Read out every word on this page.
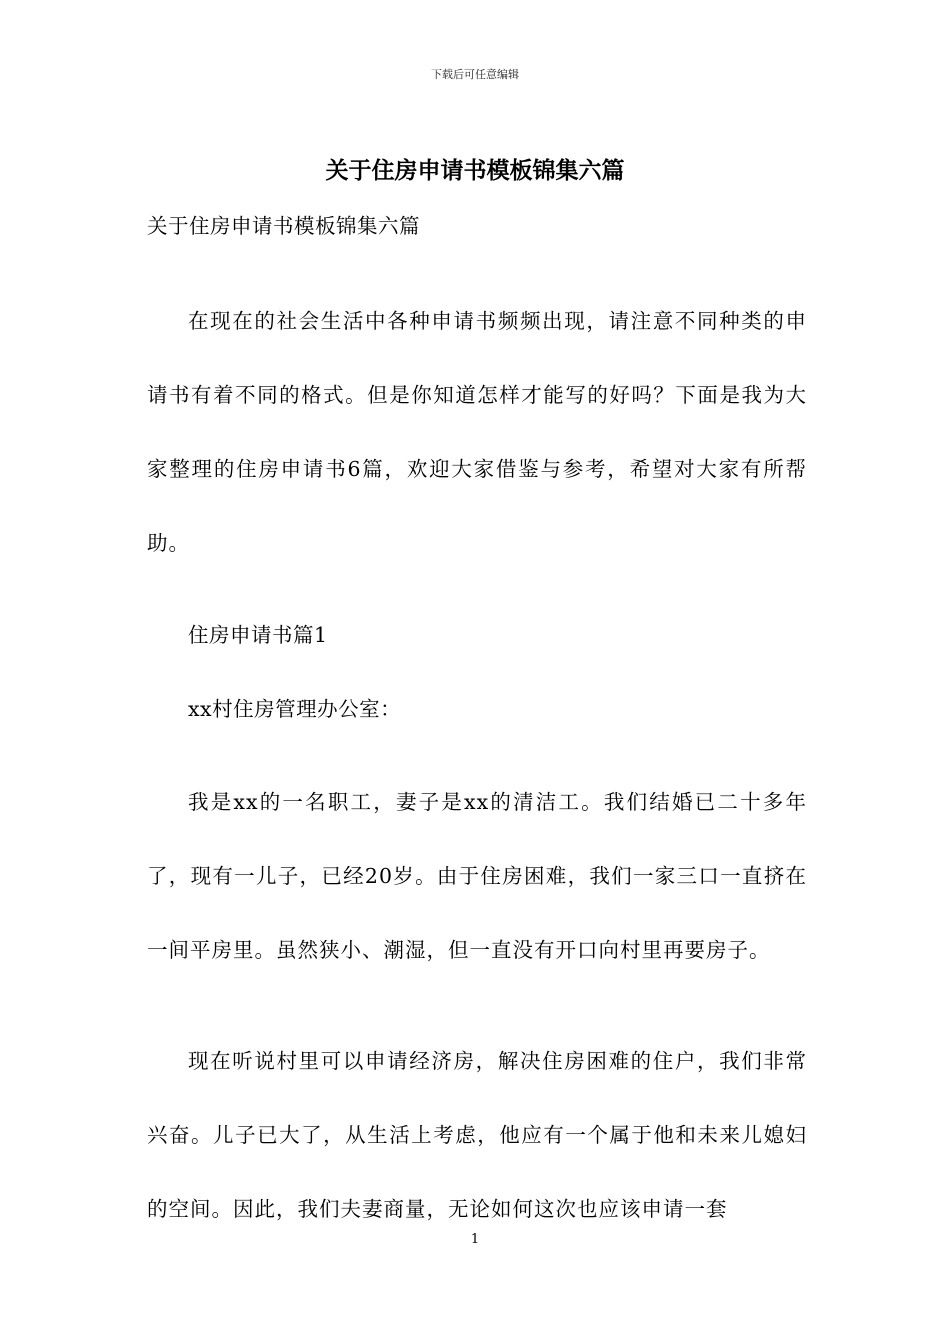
下载后可任意编辑
关于住房申请书模板锦集六篇

关于住房申请书模板锦集六篇

在现在的社会生活中各种申请书频频出现，请注意不同种类的申请书有着不同的格式。但是你知道怎样才能写的好吗？下面是我为大家整理的住房申请书6篇，欢迎大家借鉴与参考，希望对大家有所帮助。

住房申请书篇1

xx村住房管理办公室：

我是xx的一名职工，妻子是xx的清洁工。我们结婚已二十多年了，现有一儿子，已经20岁。由于住房困难，我们一家三口一直挤在一间平房里。虽然狭小、潮湿，但一直没有开口向村里再要房子。

现在听说村里可以申请经济房，解决住房困难的住户，我们非常兴奋。儿子已大了，从生活上考虑，他应有一个属于他和未来儿媳妇的空间。因此，我们夫妻商量，无论如何这次也应该申请一套

1
